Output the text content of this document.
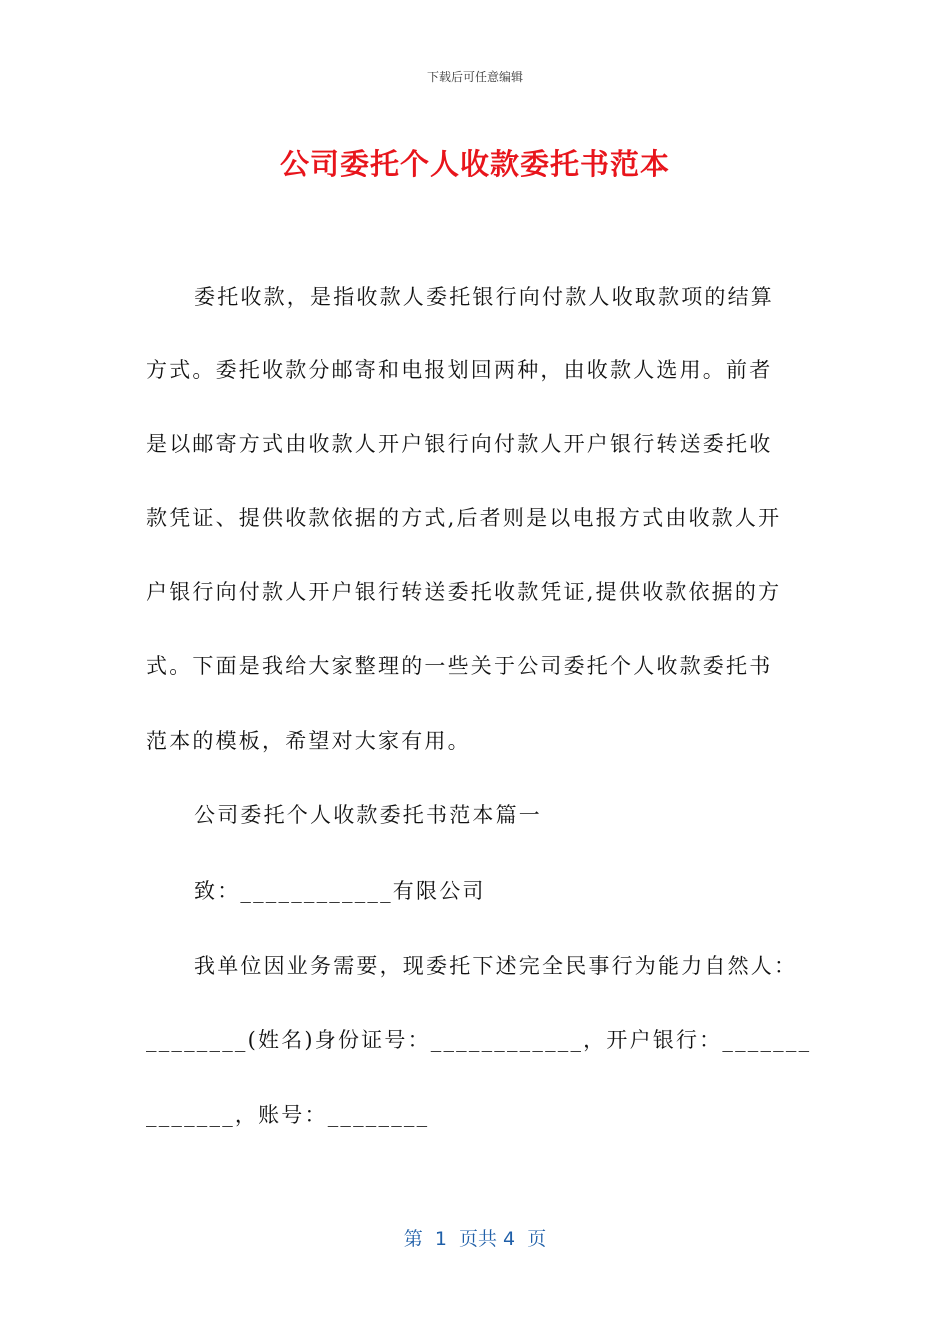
下载后可任意编辑
公司委托个人收款委托书范本
委托收款，是指收款人委托银行向付款人收取款项的结算
方式。委托收款分邮寄和电报划回两种，由收款人选用。前者
是以邮寄方式由收款人开户银行向付款人开户银行转送委托收
款凭证、提供收款依据的方式,后者则是以电报方式由收款人开
户银行向付款人开户银行转送委托收款凭证,提供收款依据的方
式。下面是我给大家整理的一些关于公司委托个人收款委托书
范本的模板，希望对大家有用。
公司委托个人收款委托书范本篇一
致：____________有限公司
我单位因业务需要，现委托下述完全民事行为能力自然人：
________(姓名)身份证号：____________，开户银行：_______
_______，账号：________
第  1  页共 4  页
